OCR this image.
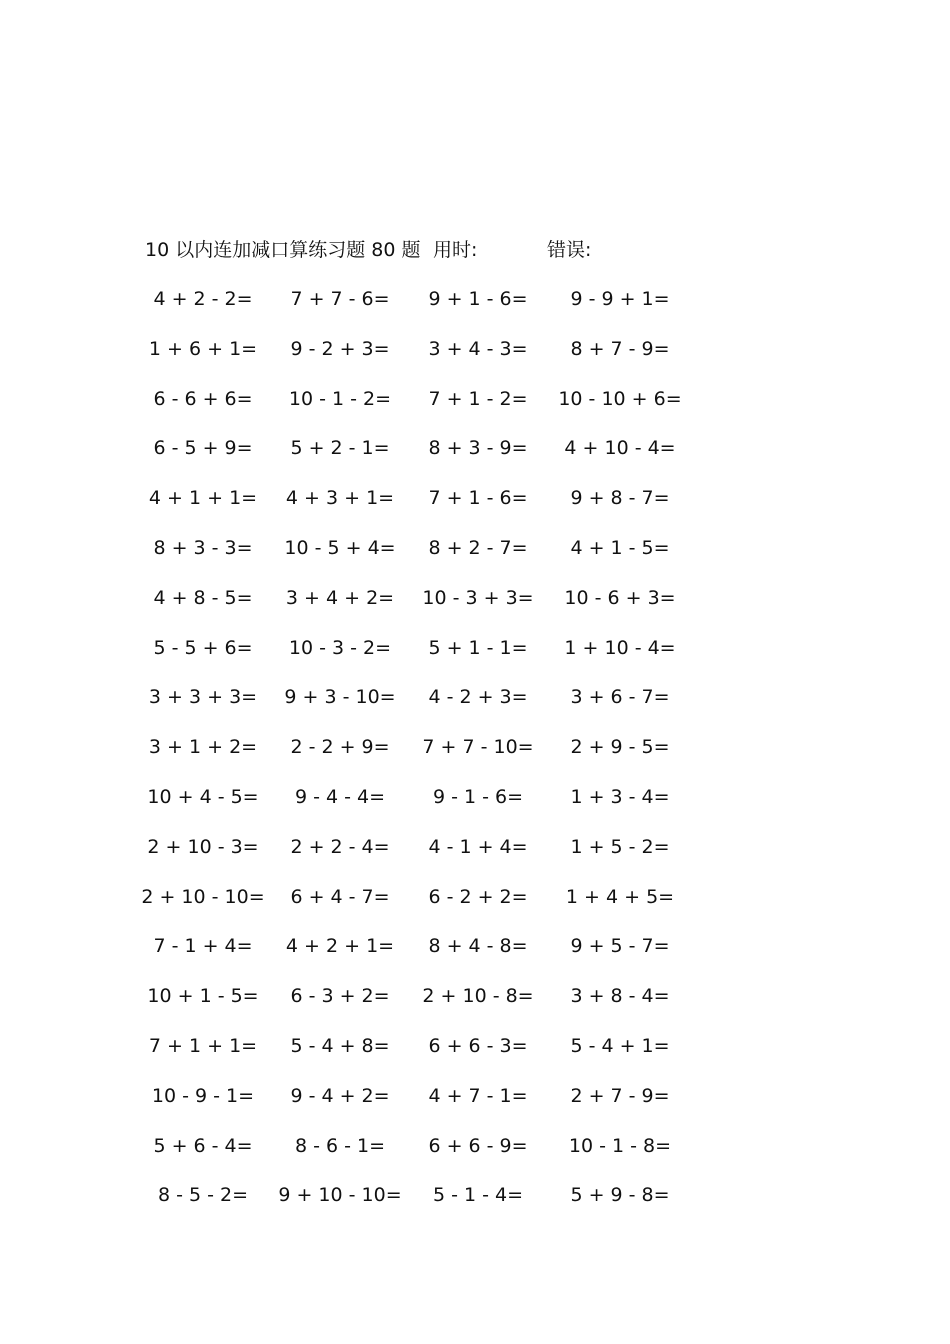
10 以内连加减口算练习题 80 题 用时:	错误:
4 + 2 - 2=	7 + 7 - 6=	9 + 1 - 6=	9 - 9 + 1=
1 + 6 + 1=	9 - 2 + 3=	3 + 4 - 3=	8 + 7 - 9=
6 - 6 + 6=	10 - 1 - 2=	7 + 1 - 2=	10 - 10 + 6=
6 - 5 + 9=	5 + 2 - 1=	8 + 3 - 9=	4 + 10 - 4=
4 + 1 + 1=	4 + 3 + 1=	7 + 1 - 6=	9 + 8 - 7=
8 + 3 - 3=	10 - 5 + 4=	8 + 2 - 7=	4 + 1 - 5=
4 + 8 - 5=	3 + 4 + 2=	10 - 3 + 3=	10 - 6 + 3=
5 - 5 + 6=	10 - 3 - 2=	5 + 1 - 1=	1 + 10 - 4=
3 + 3 + 3=	9 + 3 - 10=	4 - 2 + 3=	3 + 6 - 7=
3 + 1 + 2=	2 - 2 + 9=	7 + 7 - 10=	2 + 9 - 5=
10 + 4 - 5=	9 - 4 - 4=	9 - 1 - 6=	1 + 3 - 4=
2 + 10 - 3=	2 + 2 - 4=	4 - 1 + 4=	1 + 5 - 2=
2 + 10 - 10=	6 + 4 - 7=	6 - 2 + 2=	1 + 4 + 5=
7 - 1 + 4=	4 + 2 + 1=	8 + 4 - 8=	9 + 5 - 7=
10 + 1 - 5=	6 - 3 + 2=	2 + 10 - 8=	3 + 8 - 4=
7 + 1 + 1=	5 - 4 + 8=	6 + 6 - 3=	5 - 4 + 1=
10 - 9 - 1=	9 - 4 + 2=	4 + 7 - 1=	2 + 7 - 9=
5 + 6 - 4=	8 - 6 - 1=	6 + 6 - 9=	10 - 1 - 8=
8 - 5 - 2=	9 + 10 - 10=	5 - 1 - 4=	5 + 9 - 8=
